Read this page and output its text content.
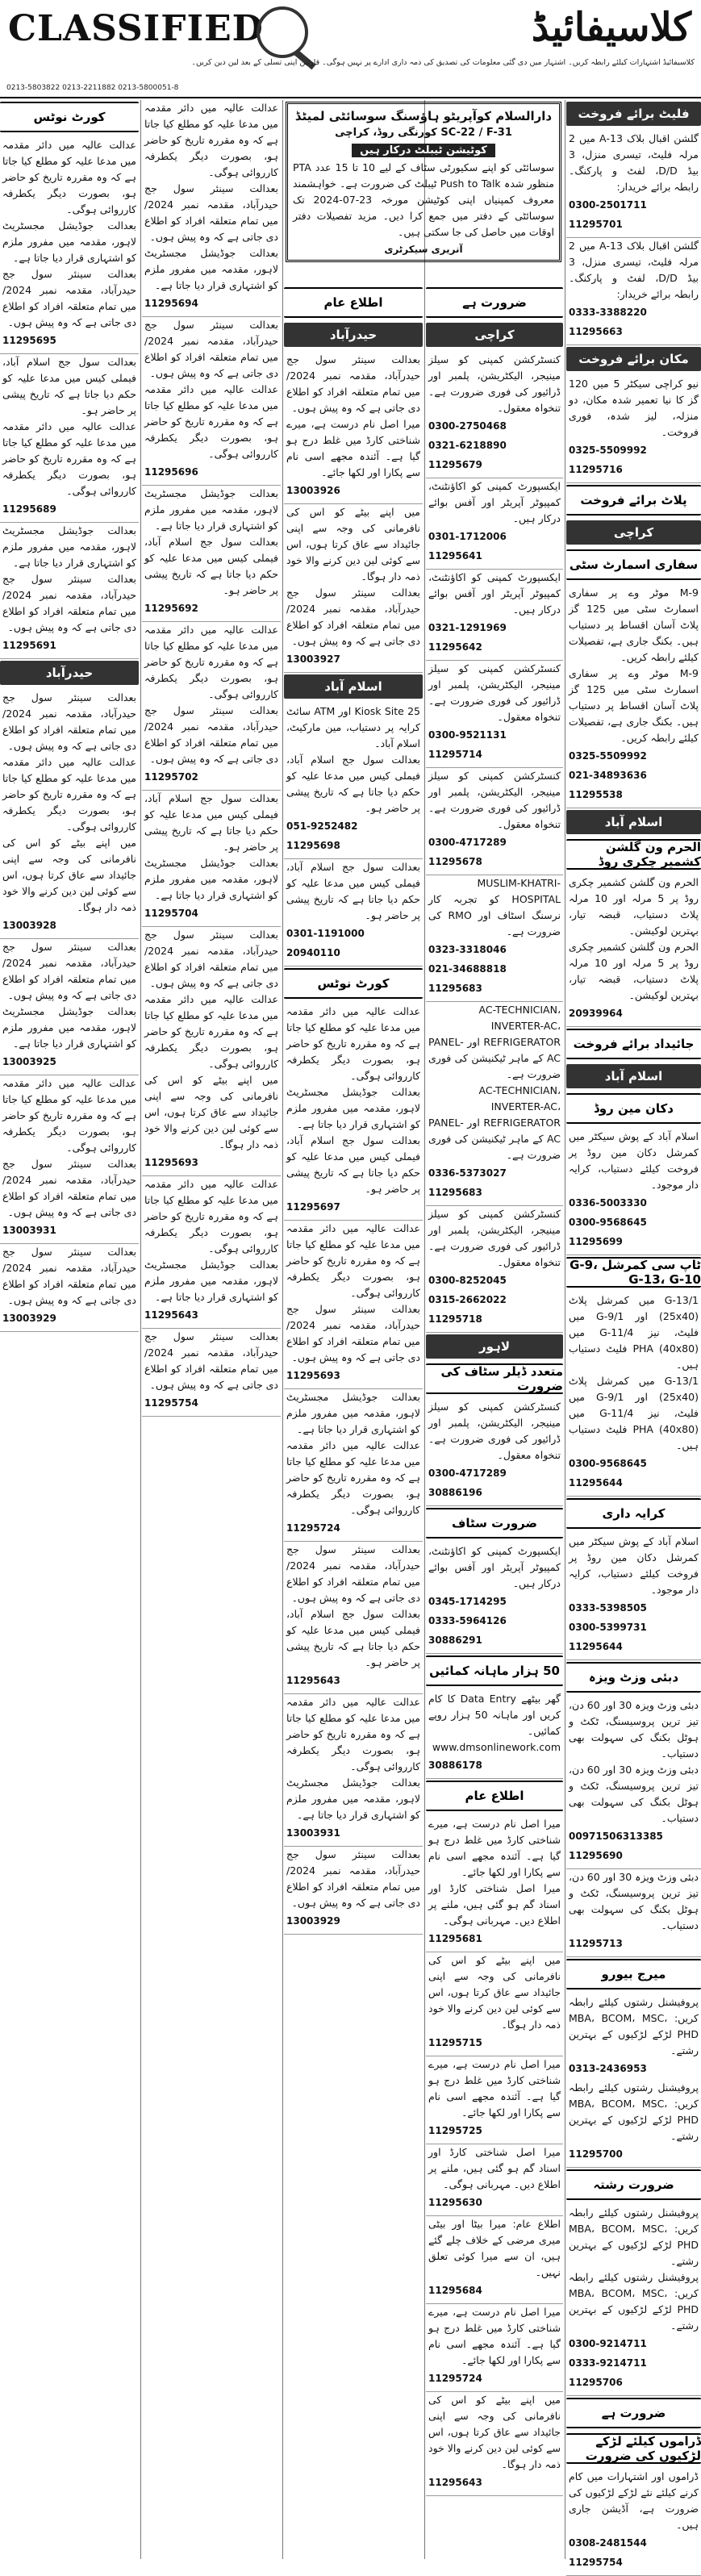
CLASSIFIED	کلاسیفائیڈ
کلاسیفائیڈ اشتہارات کیلئے رابطہ کریں۔ اشتہار میں دی گئی معلومات کی تصدیق کی ذمہ داری ادارے پر نہیں ہوگی۔ قارئین اپنی تسلی کے بعد لین دین کریں۔
0213-5803822 0213-2211882 0213-5800051-8
فلیٹ برائے فروخت

گلشن اقبال بلاک 13-A میں 2 مرلہ فلیٹ، تیسری منزل، 3 بیڈ D/D، لفٹ و پارکنگ۔ رابطہ برائے خریدار:

0300-2501711
11295701

گلشن اقبال بلاک 13-A میں 2 مرلہ فلیٹ، تیسری منزل، 3 بیڈ D/D، لفٹ و پارکنگ۔ رابطہ برائے خریدار:

0333-3388220
11295663
مکان برائے فروخت

نیو کراچی سیکٹر 5 میں 120 گز کا نیا تعمیر شدہ مکان، دو منزلہ، لیز شدہ، فوری فروخت۔

0325-5509992
11295716
پلاٹ برائے فروخت
کراچی
سفاری اسمارٹ سٹی

M-9 موٹر وے پر سفاری اسمارٹ سٹی میں 125 گز پلاٹ آسان اقساط پر دستیاب ہیں۔ بکنگ جاری ہے، تفصیلات کیلئے رابطہ کریں۔

M-9 موٹر وے پر سفاری اسمارٹ سٹی میں 125 گز پلاٹ آسان اقساط پر دستیاب ہیں۔ بکنگ جاری ہے، تفصیلات کیلئے رابطہ کریں۔

0325-5509992
021-34893636
11295538
اسلام آباد
الحرم ون گلشن کشمیر چکری روڈ

الحرم ون گلشن کشمیر چکری روڈ پر 5 مرلہ اور 10 مرلہ پلاٹ دستیاب، قبضہ تیار، بہترین لوکیشن۔

الحرم ون گلشن کشمیر چکری روڈ پر 5 مرلہ اور 10 مرلہ پلاٹ دستیاب، قبضہ تیار، بہترین لوکیشن۔

20939964
جائیداد برائے فروخت
اسلام آباد
دکان مین روڈ

اسلام آباد کے پوش سیکٹر میں کمرشل دکان مین روڈ پر فروخت کیلئے دستیاب، کرایہ دار موجود۔

0336-5003330
0300-9568645
11295699
ٹاپ سی کمرشل G-9، G-13، G-10

G-13/1 میں کمرشل پلاٹ (25x40) اور G-9/1 میں فلیٹ، نیز G-11/4 میں (40x80) PHA فلیٹ دستیاب ہیں۔

G-13/1 میں کمرشل پلاٹ (25x40) اور G-9/1 میں فلیٹ، نیز G-11/4 میں (40x80) PHA فلیٹ دستیاب ہیں۔

0300-9568645
11295644
کرایہ داری

اسلام آباد کے پوش سیکٹر میں کمرشل دکان مین روڈ پر فروخت کیلئے دستیاب، کرایہ دار موجود۔

0333-5398505
0300-5399731
11295644
دبئی وزٹ ویزہ

دبئی وزٹ ویزہ 30 اور 60 دن، تیز ترین پروسیسنگ، ٹکٹ و ہوٹل بکنگ کی سہولت بھی دستیاب۔

دبئی وزٹ ویزہ 30 اور 60 دن، تیز ترین پروسیسنگ، ٹکٹ و ہوٹل بکنگ کی سہولت بھی دستیاب۔

00971506313385
11295690

دبئی وزٹ ویزہ 30 اور 60 دن، تیز ترین پروسیسنگ، ٹکٹ و ہوٹل بکنگ کی سہولت بھی دستیاب۔

11295713
میرج بیورو

پروفیشنل رشتوں کیلئے رابطہ کریں: MBA، BCOM، MSC، PHD لڑکے لڑکیوں کے بہترین رشتے۔

0313-2436953

پروفیشنل رشتوں کیلئے رابطہ کریں: MBA، BCOM، MSC، PHD لڑکے لڑکیوں کے بہترین رشتے۔

11295700
ضرورت رشتہ

پروفیشنل رشتوں کیلئے رابطہ کریں: MBA، BCOM، MSC، PHD لڑکے لڑکیوں کے بہترین رشتے۔

پروفیشنل رشتوں کیلئے رابطہ کریں: MBA، BCOM، MSC، PHD لڑکے لڑکیوں کے بہترین رشتے۔

0300-9214711
0333-9214711
11295706
ضرورت ہے
ڈراموں کیلئے لڑکے لڑکیوں کی ضرورت

ڈراموں اور اشتہارات میں کام کرنے کیلئے نئے لڑکے لڑکیوں کی ضرورت ہے، آڈیشن جاری ہیں۔

0308-2481544
11295754
دارالسلام کوآپریٹو ہاؤسنگ سوسائٹی لمیٹڈ
SC-22 / F-31 کورنگی روڈ، کراچی
کوٹیشن ٹیبلٹ درکار ہیں
سوسائٹی کو اپنے سکیورٹی سٹاف کے لیے 10 تا 15 عدد PTA منظور شدہ Push to Talk ٹیبلٹ کی ضرورت ہے۔ خواہشمند معروف کمپنیاں اپنی کوٹیشن مورخہ 23-07-2024 تک سوسائٹی کے دفتر میں جمع کرا دیں۔ مزید تفصیلات دفتر اوقات میں حاصل کی جا سکتی ہیں۔
آنریری سیکرٹری
ضرورت ہے
کراچی

کنسٹرکشن کمپنی کو سیلز مینیجر، الیکٹریشن، پلمبر اور ڈرائیور کی فوری ضرورت ہے۔ تنخواہ معقول۔

0300-2750468
0321-6218890
11295679

ایکسپورٹ کمپنی کو اکاؤنٹنٹ، کمپیوٹر آپریٹر اور آفس بوائے درکار ہیں۔

0301-1712006
11295641

ایکسپورٹ کمپنی کو اکاؤنٹنٹ، کمپیوٹر آپریٹر اور آفس بوائے درکار ہیں۔

0321-1291969
11295642

کنسٹرکشن کمپنی کو سیلز مینیجر، الیکٹریشن، پلمبر اور ڈرائیور کی فوری ضرورت ہے۔ تنخواہ معقول۔

0300-9521131
11295714

کنسٹرکشن کمپنی کو سیلز مینیجر، الیکٹریشن، پلمبر اور ڈرائیور کی فوری ضرورت ہے۔ تنخواہ معقول۔

0300-4717289
11295678

MUSLIM-KHATRI-HOSPITAL کو تجربہ کار نرسنگ اسٹاف اور RMO کی ضرورت ہے۔

0323-3318046
021-34688818
11295683

AC-TECHNICIAN، INVERTER-AC، REFRIGERATOR اور PANEL-AC کے ماہر ٹیکنیشن کی فوری ضرورت ہے۔

AC-TECHNICIAN، INVERTER-AC، REFRIGERATOR اور PANEL-AC کے ماہر ٹیکنیشن کی فوری ضرورت ہے۔

0336-5373027
11295683

کنسٹرکشن کمپنی کو سیلز مینیجر، الیکٹریشن، پلمبر اور ڈرائیور کی فوری ضرورت ہے۔ تنخواہ معقول۔

0300-8252045
0315-2662022
11295718
لاہور
متعدد ڈیلر سٹاف کی ضرورت

کنسٹرکشن کمپنی کو سیلز مینیجر، الیکٹریشن، پلمبر اور ڈرائیور کی فوری ضرورت ہے۔ تنخواہ معقول۔

0300-4717289
30886196
ضرورت سٹاف

ایکسپورٹ کمپنی کو اکاؤنٹنٹ، کمپیوٹر آپریٹر اور آفس بوائے درکار ہیں۔

0345-1714295
0333-5964126
30886291
50 ہزار ماہانہ کمائیں

گھر بیٹھے Data Entry کا کام کریں اور ماہانہ 50 ہزار روپے کمائیں۔ www.dmsonlinework.com

30886178
اطلاع عام

میرا اصل نام درست ہے، میرے شناختی کارڈ میں غلط درج ہو گیا ہے۔ آئندہ مجھے اسی نام سے پکارا اور لکھا جائے۔

میرا اصل شناختی کارڈ اور اسناد گم ہو گئی ہیں، ملنے پر اطلاع دیں۔ مہربانی ہوگی۔

11295681

میں اپنے بیٹے کو اس کی نافرمانی کی وجہ سے اپنی جائیداد سے عاق کرتا ہوں، اس سے کوئی لین دین کرنے والا خود ذمہ دار ہوگا۔

11295715

میرا اصل نام درست ہے، میرے شناختی کارڈ میں غلط درج ہو گیا ہے۔ آئندہ مجھے اسی نام سے پکارا اور لکھا جائے۔

11295725

میرا اصل شناختی کارڈ اور اسناد گم ہو گئی ہیں، ملنے پر اطلاع دیں۔ مہربانی ہوگی۔

11295630

اطلاع عام: میرا بیٹا اور بیٹی میری مرضی کے خلاف چلے گئے ہیں، ان سے میرا کوئی تعلق نہیں۔

11295684

میرا اصل نام درست ہے، میرے شناختی کارڈ میں غلط درج ہو گیا ہے۔ آئندہ مجھے اسی نام سے پکارا اور لکھا جائے۔

11295724

میں اپنے بیٹے کو اس کی نافرمانی کی وجہ سے اپنی جائیداد سے عاق کرتا ہوں، اس سے کوئی لین دین کرنے والا خود ذمہ دار ہوگا۔

11295643
اطلاع عام
حیدرآباد

بعدالت سینئر سول جج حیدرآباد، مقدمہ نمبر 2024/ میں تمام متعلقہ افراد کو اطلاع دی جاتی ہے کہ وہ پیش ہوں۔

میرا اصل نام درست ہے، میرے شناختی کارڈ میں غلط درج ہو گیا ہے۔ آئندہ مجھے اسی نام سے پکارا اور لکھا جائے۔

13003926

میں اپنے بیٹے کو اس کی نافرمانی کی وجہ سے اپنی جائیداد سے عاق کرتا ہوں، اس سے کوئی لین دین کرنے والا خود ذمہ دار ہوگا۔

بعدالت سینئر سول جج حیدرآباد، مقدمہ نمبر 2024/ میں تمام متعلقہ افراد کو اطلاع دی جاتی ہے کہ وہ پیش ہوں۔

13003927
اسلام آباد

Kiosk Site 25 اور ATM سائٹ کرایہ پر دستیاب، مین مارکیٹ، اسلام آباد۔

بعدالت سول جج اسلام آباد، فیملی کیس میں مدعا علیہ کو حکم دیا جاتا ہے کہ تاریخ پیشی پر حاضر ہو۔

051-9252482
11295698

بعدالت سول جج اسلام آباد، فیملی کیس میں مدعا علیہ کو حکم دیا جاتا ہے کہ تاریخ پیشی پر حاضر ہو۔

0301-1191000
20940110
کورٹ نوٹس

عدالت عالیہ میں دائر مقدمہ میں مدعا علیہ کو مطلع کیا جاتا ہے کہ وہ مقررہ تاریخ کو حاضر ہو، بصورت دیگر یکطرفہ کارروائی ہوگی۔

بعدالت جوڈیشل مجسٹریٹ لاہور، مقدمہ میں مفرور ملزم کو اشتہاری قرار دیا جاتا ہے۔

بعدالت سول جج اسلام آباد، فیملی کیس میں مدعا علیہ کو حکم دیا جاتا ہے کہ تاریخ پیشی پر حاضر ہو۔

11295697

عدالت عالیہ میں دائر مقدمہ میں مدعا علیہ کو مطلع کیا جاتا ہے کہ وہ مقررہ تاریخ کو حاضر ہو، بصورت دیگر یکطرفہ کارروائی ہوگی۔

بعدالت سینئر سول جج حیدرآباد، مقدمہ نمبر 2024/ میں تمام متعلقہ افراد کو اطلاع دی جاتی ہے کہ وہ پیش ہوں۔

11295693

بعدالت جوڈیشل مجسٹریٹ لاہور، مقدمہ میں مفرور ملزم کو اشتہاری قرار دیا جاتا ہے۔

عدالت عالیہ میں دائر مقدمہ میں مدعا علیہ کو مطلع کیا جاتا ہے کہ وہ مقررہ تاریخ کو حاضر ہو، بصورت دیگر یکطرفہ کارروائی ہوگی۔

11295724

بعدالت سینئر سول جج حیدرآباد، مقدمہ نمبر 2024/ میں تمام متعلقہ افراد کو اطلاع دی جاتی ہے کہ وہ پیش ہوں۔

بعدالت سول جج اسلام آباد، فیملی کیس میں مدعا علیہ کو حکم دیا جاتا ہے کہ تاریخ پیشی پر حاضر ہو۔

11295643

عدالت عالیہ میں دائر مقدمہ میں مدعا علیہ کو مطلع کیا جاتا ہے کہ وہ مقررہ تاریخ کو حاضر ہو، بصورت دیگر یکطرفہ کارروائی ہوگی۔

بعدالت جوڈیشل مجسٹریٹ لاہور، مقدمہ میں مفرور ملزم کو اشتہاری قرار دیا جاتا ہے۔

13003931

بعدالت سینئر سول جج حیدرآباد، مقدمہ نمبر 2024/ میں تمام متعلقہ افراد کو اطلاع دی جاتی ہے کہ وہ پیش ہوں۔

13003929

عدالت عالیہ میں دائر مقدمہ میں مدعا علیہ کو مطلع کیا جاتا ہے کہ وہ مقررہ تاریخ کو حاضر ہو، بصورت دیگر یکطرفہ کارروائی ہوگی۔

بعدالت سینئر سول جج حیدرآباد، مقدمہ نمبر 2024/ میں تمام متعلقہ افراد کو اطلاع دی جاتی ہے کہ وہ پیش ہوں۔

بعدالت جوڈیشل مجسٹریٹ لاہور، مقدمہ میں مفرور ملزم کو اشتہاری قرار دیا جاتا ہے۔

11295694

بعدالت سینئر سول جج حیدرآباد، مقدمہ نمبر 2024/ میں تمام متعلقہ افراد کو اطلاع دی جاتی ہے کہ وہ پیش ہوں۔

عدالت عالیہ میں دائر مقدمہ میں مدعا علیہ کو مطلع کیا جاتا ہے کہ وہ مقررہ تاریخ کو حاضر ہو، بصورت دیگر یکطرفہ کارروائی ہوگی۔

11295696

بعدالت جوڈیشل مجسٹریٹ لاہور، مقدمہ میں مفرور ملزم کو اشتہاری قرار دیا جاتا ہے۔

بعدالت سول جج اسلام آباد، فیملی کیس میں مدعا علیہ کو حکم دیا جاتا ہے کہ تاریخ پیشی پر حاضر ہو۔

11295692

عدالت عالیہ میں دائر مقدمہ میں مدعا علیہ کو مطلع کیا جاتا ہے کہ وہ مقررہ تاریخ کو حاضر ہو، بصورت دیگر یکطرفہ کارروائی ہوگی۔

بعدالت سینئر سول جج حیدرآباد، مقدمہ نمبر 2024/ میں تمام متعلقہ افراد کو اطلاع دی جاتی ہے کہ وہ پیش ہوں۔

11295702

بعدالت سول جج اسلام آباد، فیملی کیس میں مدعا علیہ کو حکم دیا جاتا ہے کہ تاریخ پیشی پر حاضر ہو۔

بعدالت جوڈیشل مجسٹریٹ لاہور، مقدمہ میں مفرور ملزم کو اشتہاری قرار دیا جاتا ہے۔

11295704

بعدالت سینئر سول جج حیدرآباد، مقدمہ نمبر 2024/ میں تمام متعلقہ افراد کو اطلاع دی جاتی ہے کہ وہ پیش ہوں۔

عدالت عالیہ میں دائر مقدمہ میں مدعا علیہ کو مطلع کیا جاتا ہے کہ وہ مقررہ تاریخ کو حاضر ہو، بصورت دیگر یکطرفہ کارروائی ہوگی۔

میں اپنے بیٹے کو اس کی نافرمانی کی وجہ سے اپنی جائیداد سے عاق کرتا ہوں، اس سے کوئی لین دین کرنے والا خود ذمہ دار ہوگا۔

11295693

عدالت عالیہ میں دائر مقدمہ میں مدعا علیہ کو مطلع کیا جاتا ہے کہ وہ مقررہ تاریخ کو حاضر ہو، بصورت دیگر یکطرفہ کارروائی ہوگی۔

بعدالت جوڈیشل مجسٹریٹ لاہور، مقدمہ میں مفرور ملزم کو اشتہاری قرار دیا جاتا ہے۔

11295643

بعدالت سینئر سول جج حیدرآباد، مقدمہ نمبر 2024/ میں تمام متعلقہ افراد کو اطلاع دی جاتی ہے کہ وہ پیش ہوں۔

11295754
کورٹ نوٹس

عدالت عالیہ میں دائر مقدمہ میں مدعا علیہ کو مطلع کیا جاتا ہے کہ وہ مقررہ تاریخ کو حاضر ہو، بصورت دیگر یکطرفہ کارروائی ہوگی۔

بعدالت جوڈیشل مجسٹریٹ لاہور، مقدمہ میں مفرور ملزم کو اشتہاری قرار دیا جاتا ہے۔

بعدالت سینئر سول جج حیدرآباد، مقدمہ نمبر 2024/ میں تمام متعلقہ افراد کو اطلاع دی جاتی ہے کہ وہ پیش ہوں۔

11295695

بعدالت سول جج اسلام آباد، فیملی کیس میں مدعا علیہ کو حکم دیا جاتا ہے کہ تاریخ پیشی پر حاضر ہو۔

عدالت عالیہ میں دائر مقدمہ میں مدعا علیہ کو مطلع کیا جاتا ہے کہ وہ مقررہ تاریخ کو حاضر ہو، بصورت دیگر یکطرفہ کارروائی ہوگی۔

11295689

بعدالت جوڈیشل مجسٹریٹ لاہور، مقدمہ میں مفرور ملزم کو اشتہاری قرار دیا جاتا ہے۔

بعدالت سینئر سول جج حیدرآباد، مقدمہ نمبر 2024/ میں تمام متعلقہ افراد کو اطلاع دی جاتی ہے کہ وہ پیش ہوں۔

11295691
حیدرآباد

بعدالت سینئر سول جج حیدرآباد، مقدمہ نمبر 2024/ میں تمام متعلقہ افراد کو اطلاع دی جاتی ہے کہ وہ پیش ہوں۔

عدالت عالیہ میں دائر مقدمہ میں مدعا علیہ کو مطلع کیا جاتا ہے کہ وہ مقررہ تاریخ کو حاضر ہو، بصورت دیگر یکطرفہ کارروائی ہوگی۔

میں اپنے بیٹے کو اس کی نافرمانی کی وجہ سے اپنی جائیداد سے عاق کرتا ہوں، اس سے کوئی لین دین کرنے والا خود ذمہ دار ہوگا۔

13003928

بعدالت سینئر سول جج حیدرآباد، مقدمہ نمبر 2024/ میں تمام متعلقہ افراد کو اطلاع دی جاتی ہے کہ وہ پیش ہوں۔

بعدالت جوڈیشل مجسٹریٹ لاہور، مقدمہ میں مفرور ملزم کو اشتہاری قرار دیا جاتا ہے۔

13003925

عدالت عالیہ میں دائر مقدمہ میں مدعا علیہ کو مطلع کیا جاتا ہے کہ وہ مقررہ تاریخ کو حاضر ہو، بصورت دیگر یکطرفہ کارروائی ہوگی۔

بعدالت سینئر سول جج حیدرآباد، مقدمہ نمبر 2024/ میں تمام متعلقہ افراد کو اطلاع دی جاتی ہے کہ وہ پیش ہوں۔

13003931

بعدالت سینئر سول جج حیدرآباد، مقدمہ نمبر 2024/ میں تمام متعلقہ افراد کو اطلاع دی جاتی ہے کہ وہ پیش ہوں۔

13003929
